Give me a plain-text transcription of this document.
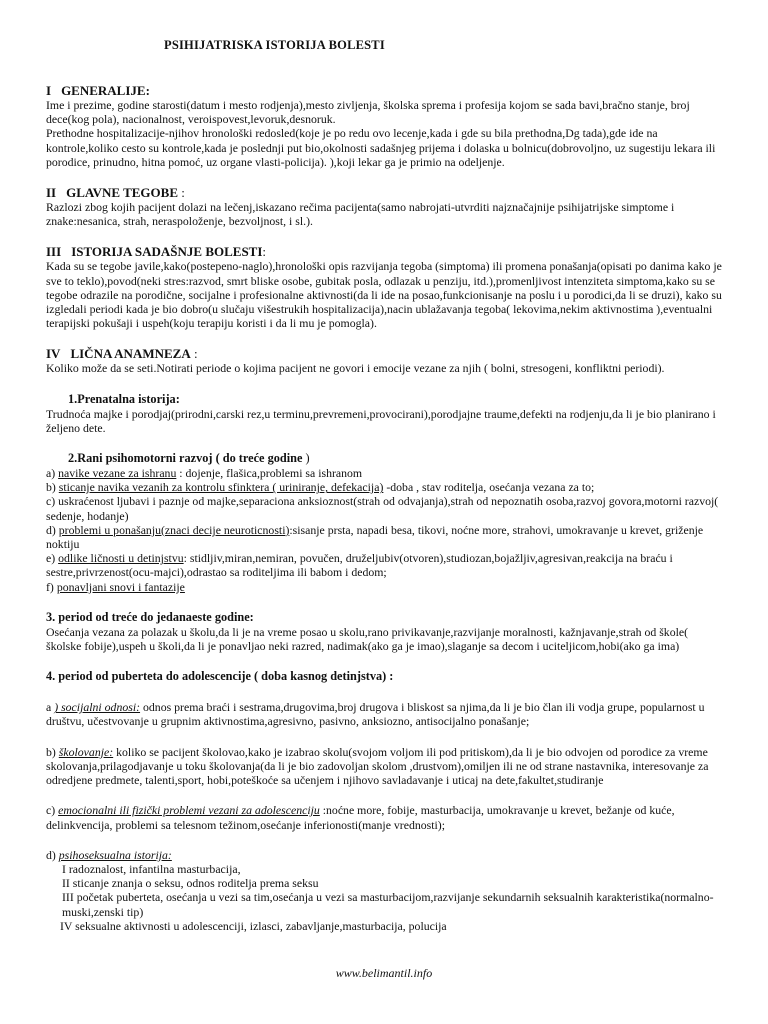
PSIHIJATRISKA ISTORIJA BOLESTI
I GENERALIJE:

Ime i prezime, godine starosti(datum i mesto rodjenja),mesto zivljenja, školska sprema i profesija kojom se sada bavi,bračno stanje, broj dece(kog pola), nacionalnost, veroispovest,levoruk,desnoruk.

Prethodne hospitalizacije-njihov hronološki redosled(koje je po redu ovo lecenje,kada i gde su bila prethodna,Dg tada),gde ide na kontrole,koliko cesto su kontrole,kada je poslednji put bio,okolnosti sadašnjeg prijema i dolaska u bolnicu(dobrovoljno, uz sugestiju lekara ili porodice, prinudno, hitna pomoć, uz organe vlasti-policija). ),koji lekar ga je primio na odeljenje.

II GLAVNE TEGOBE :

Razlozi zbog kojih pacijent dolazi na lečenj,iskazano rečima pacijenta(samo nabrojati-utvrditi najznačajnije psihijatrijske simptome i znake:nesanica, strah, neraspoloženje, bezvoljnost, i sl.).

III ISTORIJA SADAŠNJE BOLESTI:

Kada su se tegobe javile,kako(postepeno-naglo),hronološki opis razvijanja tegoba (simptoma) ili promena ponašanja(opisati po danima kako je sve to teklo),povod(neki stres:razvod, smrt bliske osobe, gubitak posla, odlazak u penziju, itd.),promenljivost intenziteta simptoma,kako su se tegobe odrazile na porodične, socijalne i profesionalne aktivnosti(da li ide na posao,funkcionisanje na poslu i u porodici,da li se druzi), kako su izgledali periodi kada je bio dobro(u slučaju višestrukih hospitalizacija),nacin ublažavanja tegoba( lekovima,nekim aktivnostima ),eventualni terapijski pokušaji i uspeh(koju terapiju koristi i da li mu je pomogla).

IV LIČNA ANAMNEZA :

Koliko može da se seti.Notirati periode o kojima pacijent ne govori i emocije vezane za njih ( bolni, stresogeni, konfliktni periodi).

1.Prenatalna istorija:

Trudnoća majke i porodjaj(prirodni,carski rez,u terminu,prevremeni,provocirani),porodjajne traume,defekti na rodjenju,da li je bio planirano i željeno dete.

2.Rani psihomotorni razvoj ( do treće godine )

a) navike vezane za ishranu : dojenje, flašica,problemi sa ishranom

b) sticanje navika vezanih za kontrolu sfinktera ( uriniranje, defekacija) -doba , stav roditelja, osećanja vezana za to;

c) uskraćenost ljubavi i paznje od majke,separaciona anksioznost(strah od odvajanja),strah od nepoznatih osoba,razvoj govora,motorni razvoj( sedenje, hodanje)

d) problemi u ponašanju(znaci decije neuroticnosti):sisanje prsta, napadi besa, tikovi, noćne more, strahovi, umokravanje u krevet, griženje noktiju

e) odlike ličnosti u detinjstvu: stidljiv,miran,nemiran, povučen, druželjubiv(otvoren),studiozan,bojažljiv,agresivan,reakcija na braću i sestre,privrzenost(ocu-majci),odrastao sa roditeljima ili babom i dedom;

f) ponavljani snovi i fantazije

3. period od treće do jedanaeste godine:

Osećanja vezana za polazak u školu,da li je na vreme posao u skolu,rano privikavanje,razvijanje moralnosti, kažnjavanje,strah od škole( školske fobije),uspeh u školi,da li je ponavljao neki razred, nadimak(ako ga je imao),slaganje sa decom i uciteljicom,hobi(ako ga ima)

4. period od puberteta do adolescencije ( doba kasnog detinjstva) :

a ) socijalni odnosi: odnos prema braći i sestrama,drugovima,broj drugova i bliskost sa njima,da li je bio član ili vodja grupe, popularnost u društvu, učestvovanje u grupnim aktivnostima,agresivno, pasivno, anksiozno, antisocijalno ponašanje;

b) školovanje: koliko se pacijent školovao,kako je izabrao skolu(svojom voljom ili pod pritiskom),da li je bio odvojen od porodice za vreme skolovanja,prilagodjavanje u toku školovanja(da li je bio zadovoljan skolom ,drustvom),omiljen ili ne od strane nastavnika, interesovanje za odredjene predmete, talenti,sport, hobi,poteškoće sa učenjem i njihovo savladavanje i uticaj na dete,fakultet,studiranje

c) emocionalni ili fizički problemi vezani za adolescenciju :noćne more, fobije, masturbacija, umokravanje u krevet, bežanje od kuće, delinkvencija, problemi sa telesnom težinom,osećanje inferionosti(manje vrednosti);

d) psihoseksualna istorija:

I radoznalost, infantilna masturbacija,

II sticanje znanja o seksu, odnos roditelja prema seksu

III početak puberteta, osećanja u vezi sa tim,osećanja u vezi sa masturbacijom,razvijanje sekundarnih seksualnih karakteristika(normalno-muski,zenski tip)

IV seksualne aktivnosti u adolescenciji, izlasci, zabavljanje,masturbacija, polucija

www.belimantil.info
